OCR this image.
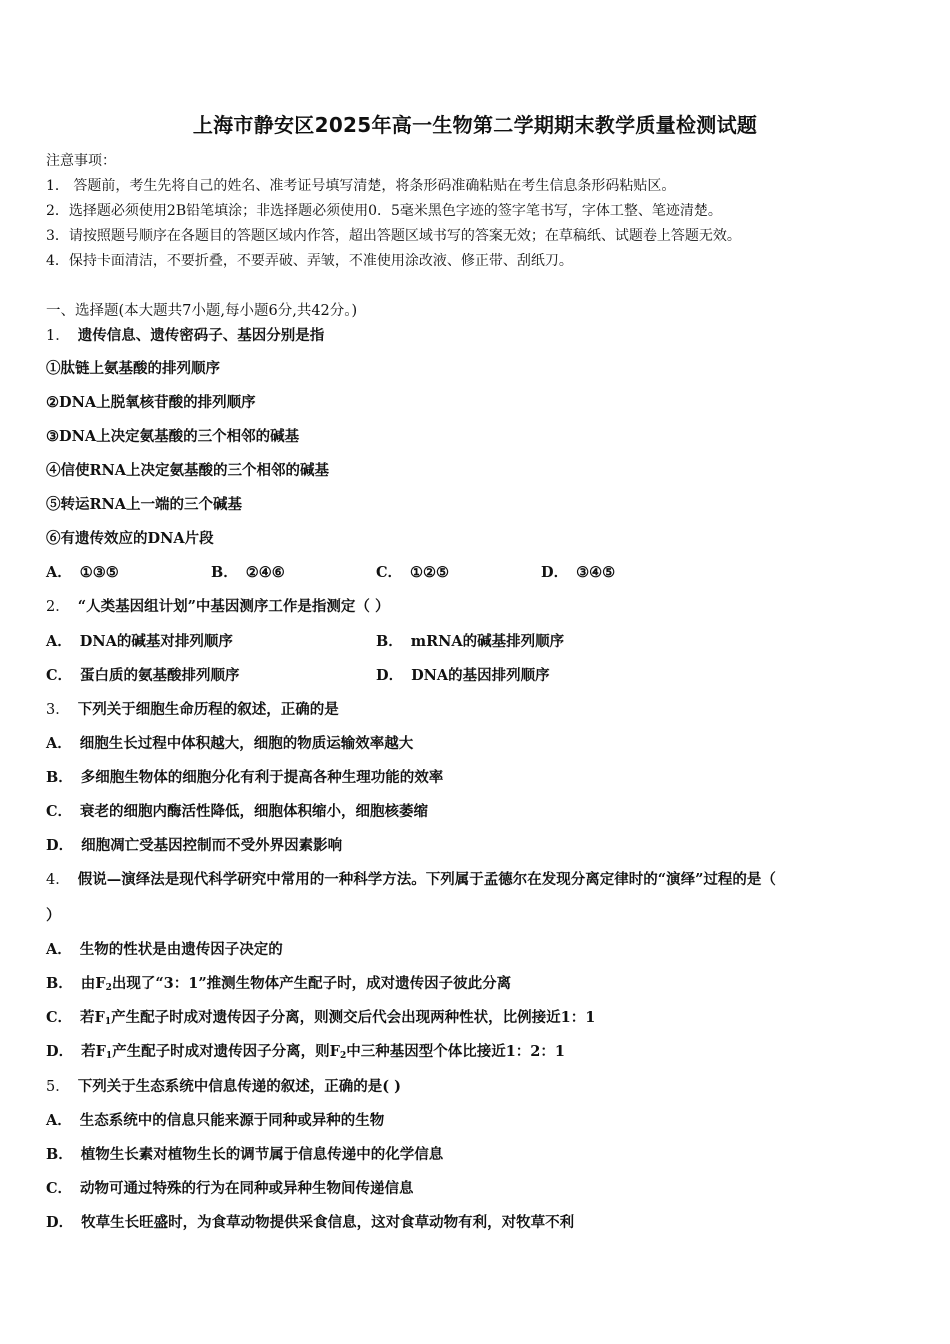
上海市静安区2025年高一生物第二学期期末教学质量检测试题
注意事项：
1． 答题前，考生先将自己的姓名、准考证号填写清楚，将条形码准确粘贴在考生信息条形码粘贴区。
2．选择题必须使用2B铅笔填涂；非选择题必须使用0．5毫米黑色字迹的签字笔书写，字体工整、笔迹清楚。
3．请按照题号顺序在各题目的答题区域内作答，超出答题区域书写的答案无效；在草稿纸、试题卷上答题无效。
4．保持卡面清洁，不要折叠，不要弄破、弄皱，不准使用涂改液、修正带、刮纸刀。
一、选择题(本大题共7小题,每小题6分,共42分。)
1． 遗传信息、遗传密码子、基因分别是指
①肽链上氨基酸的排列顺序
②DNA上脱氧核苷酸的排列顺序
③DNA上决定氨基酸的三个相邻的碱基
④信使RNA上决定氨基酸的三个相邻的碱基
⑤转运RNA上一端的三个碱基
⑥有遗传效应的DNA片段
A． ①③⑤	B． ②④⑥	C． ①②⑤	D． ③④⑤
2． “人类基因组计划”中基因测序工作是指测定（ ）
A． DNA的碱基对排列顺序	B． mRNA的碱基排列顺序
C． 蛋白质的氨基酸排列顺序	D． DNA的基因排列顺序
3． 下列关于细胞生命历程的叙述，正确的是
A． 细胞生长过程中体积越大，细胞的物质运输效率越大
B． 多细胞生物体的细胞分化有利于提高各种生理功能的效率
C． 衰老的细胞内酶活性降低，细胞体积缩小，细胞核萎缩
D． 细胞凋亡受基因控制而不受外界因素影响
4． 假说—演绎法是现代科学研究中常用的一种科学方法。下列属于孟德尔在发现分离定律时的“演绎”过程的是（
）
A． 生物的性状是由遗传因子决定的
B． 由$F_2$出现了“3：1”推测生物体产生配子时，成对遗传因子彼此分离
C． 若$F_1$产生配子时成对遗传因子分离，则测交后代会出现两种性状，比例接近1：1
D． 若$F_1$产生配子时成对遗传因子分离，则$F_2$中三种基因型个体比接近1：2：1
5． 下列关于生态系统中信息传递的叙述，正确的是( )
A． 生态系统中的信息只能来源于同种或异种的生物
B． 植物生长素对植物生长的调节属于信息传递中的化学信息
C． 动物可通过特殊的行为在同种或异种生物间传递信息
D． 牧草生长旺盛时，为食草动物提供采食信息，这对食草动物有利，对牧草不利
